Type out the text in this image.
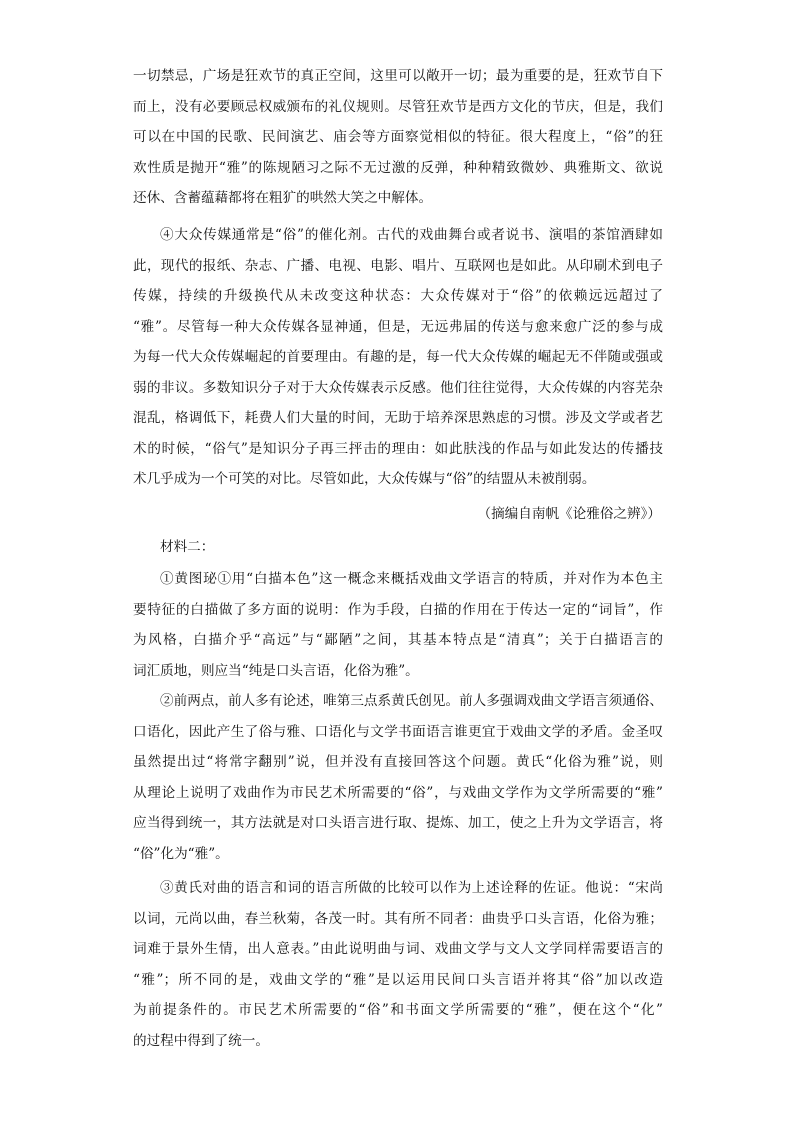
一切禁忌，广场是狂欢节的真正空间，这里可以敞开一切；最为重要的是，狂欢节自下
而上，没有必要顾忌权威颁布的礼仪规则。尽管狂欢节是西方文化的节庆，但是，我们
可以在中国的民歌、民间演艺、庙会等方面察觉相似的特征。很大程度上，“俗”的狂
欢性质是抛开“雅”的陈规陋习之际不无过激的反弹，种种精致微妙、典雅斯文、欲说
还休、含蓄蕴藉都将在粗犷的哄然大笑之中解体。
④大众传媒通常是“俗”的催化剂。古代的戏曲舞台或者说书、演唱的茶馆酒肆如
此，现代的报纸、杂志、广播、电视、电影、唱片、互联网也是如此。从印刷术到电子
传媒，持续的升级换代从未改变这种状态：大众传媒对于“俗”的依赖远远超过了
“雅”。尽管每一种大众传媒各显神通，但是，无远弗届的传送与愈来愈广泛的参与成
为每一代大众传媒崛起的首要理由。有趣的是，每一代大众传媒的崛起无不伴随或强或
弱的非议。多数知识分子对于大众传媒表示反感。他们往往觉得，大众传媒的内容芜杂
混乱，格调低下，耗费人们大量的时间，无助于培养深思熟虑的习惯。涉及文学或者艺
术的时候，“俗气”是知识分子再三抨击的理由：如此肤浅的作品与如此发达的传播技
术几乎成为一个可笑的对比。尽管如此，大众传媒与“俗”的结盟从未被削弱。
（摘编自南帆《论雅俗之辨》）
材料二：
①黄图珌①用“白描本色”这一概念来概括戏曲文学语言的特质，并对作为本色主
要特征的白描做了多方面的说明：作为手段，白描的作用在于传达一定的“词旨”，作
为风格，白描介乎“高远”与“鄙陋”之间，其基本特点是“清真”；关于白描语言的
词汇质地，则应当“纯是口头言语，化俗为雅”。
②前两点，前人多有论述，唯第三点系黄氏创见。前人多强调戏曲文学语言须通俗、
口语化，因此产生了俗与雅、口语化与文学书面语言谁更宜于戏曲文学的矛盾。金圣叹
虽然提出过“将常字翻别”说，但并没有直接回答这个问题。黄氏“化俗为雅”说，则
从理论上说明了戏曲作为市民艺术所需要的“俗”，与戏曲文学作为文学所需要的“雅”
应当得到统一，其方法就是对口头语言进行取、提炼、加工，使之上升为文学语言，将
“俗”化为“雅”。
③黄氏对曲的语言和词的语言所做的比较可以作为上述诠释的佐证。他说：“宋尚
以词，元尚以曲，春兰秋菊，各茂一时。其有所不同者：曲贵乎口头言语，化俗为雅；
词难于景外生情，出人意表。”由此说明曲与词、戏曲文学与文人文学同样需要语言的
“雅”；所不同的是，戏曲文学的“雅”是以运用民间口头言语并将其“俗”加以改造
为前提条件的。市民艺术所需要的“俗”和书面文学所需要的“雅”，便在这个“化”
的过程中得到了统一。
